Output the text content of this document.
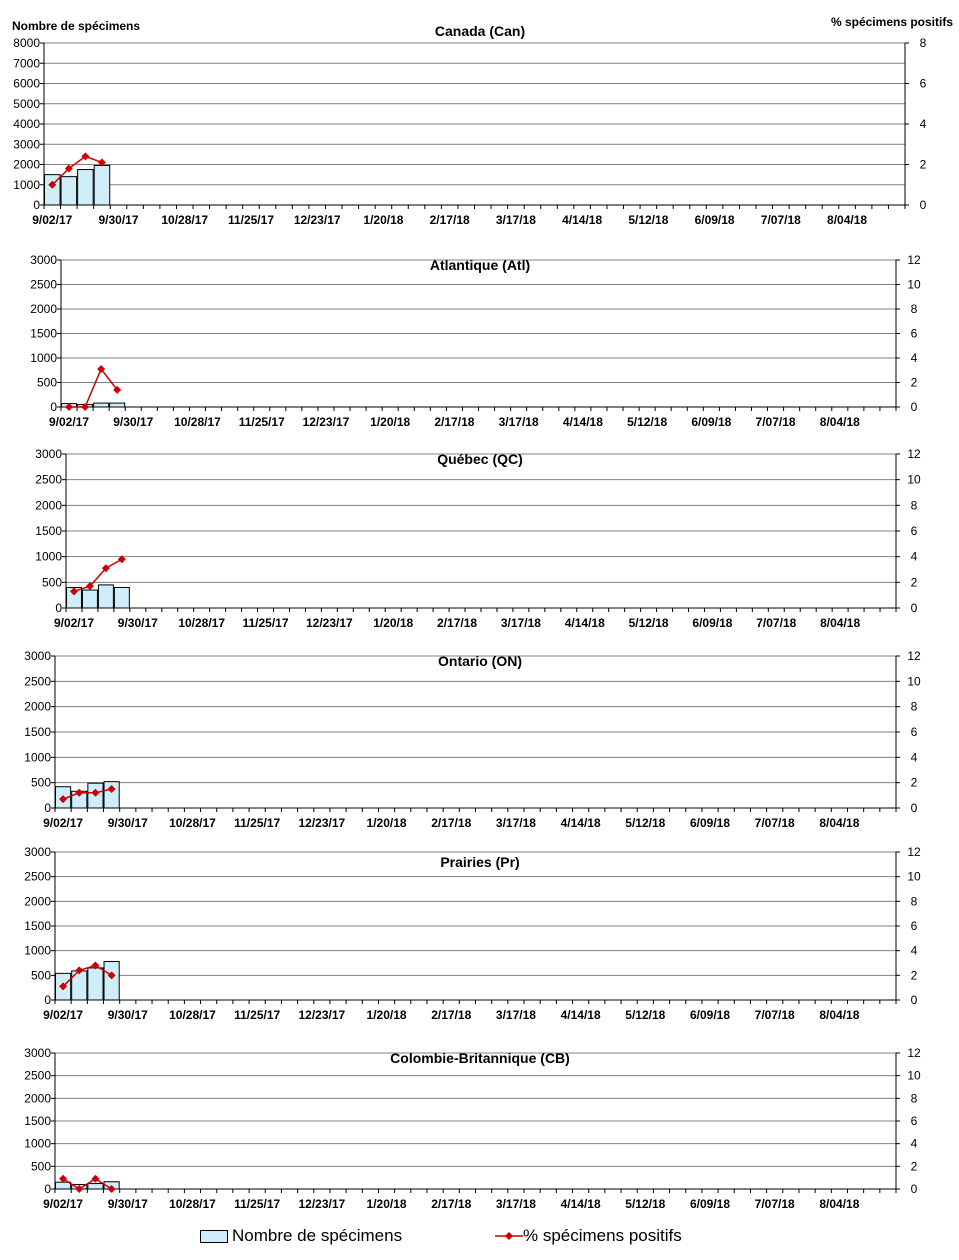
Nombre de spécimens	% spécimens positifs
0
1000
2000
3000
4000
5000
6000
7000
8000
0
2
4
6
8
9/02/17 9/30/17 10/28/17 11/25/17 12/23/17 1/20/18 2/17/18 3/17/18 4/14/18 5/12/18 6/09/18 7/07/18 8/04/18
Canada (Can)
0
500
1000
1500
2000
2500
3000
0
2
4
6
8
10
12
9/02/17 9/30/17 10/28/17 11/25/17 12/23/17 1/20/18 2/17/18 3/17/18 4/14/18 5/12/18 6/09/18 7/07/18 8/04/18
Atlantique (Atl)
0
500
1000
1500
2000
2500
3000
0
2
4
6
8
10
12
9/02/17 9/30/17 10/28/17 11/25/17 12/23/17 1/20/18 2/17/18 3/17/18 4/14/18 5/12/18 6/09/18 7/07/18 8/04/18
Québec (QC)
0
500
1000
1500
2000
2500
3000
0
2
4
6
8
10
12
9/02/17 9/30/17 10/28/17 11/25/17 12/23/17 1/20/18 2/17/18 3/17/18 4/14/18 5/12/18 6/09/18 7/07/18 8/04/18
Ontario (ON)
0
500
1000
1500
2000
2500
3000
0
2
4
6
8
10
12
9/02/17 9/30/17 10/28/17 11/25/17 12/23/17 1/20/18 2/17/18 3/17/18 4/14/18 5/12/18 6/09/18 7/07/18 8/04/18
Prairies (Pr)
0
500
1000
1500
2000
2500
3000
0
2
4
6
8
10
12
9/02/17 9/30/17 10/28/17 11/25/17 12/23/17 1/20/18 2/17/18 3/17/18 4/14/18 5/12/18 6/09/18 7/07/18 8/04/18
Colombie-Britannique (CB)
Nombre de spécimens	% spécimens positifs
